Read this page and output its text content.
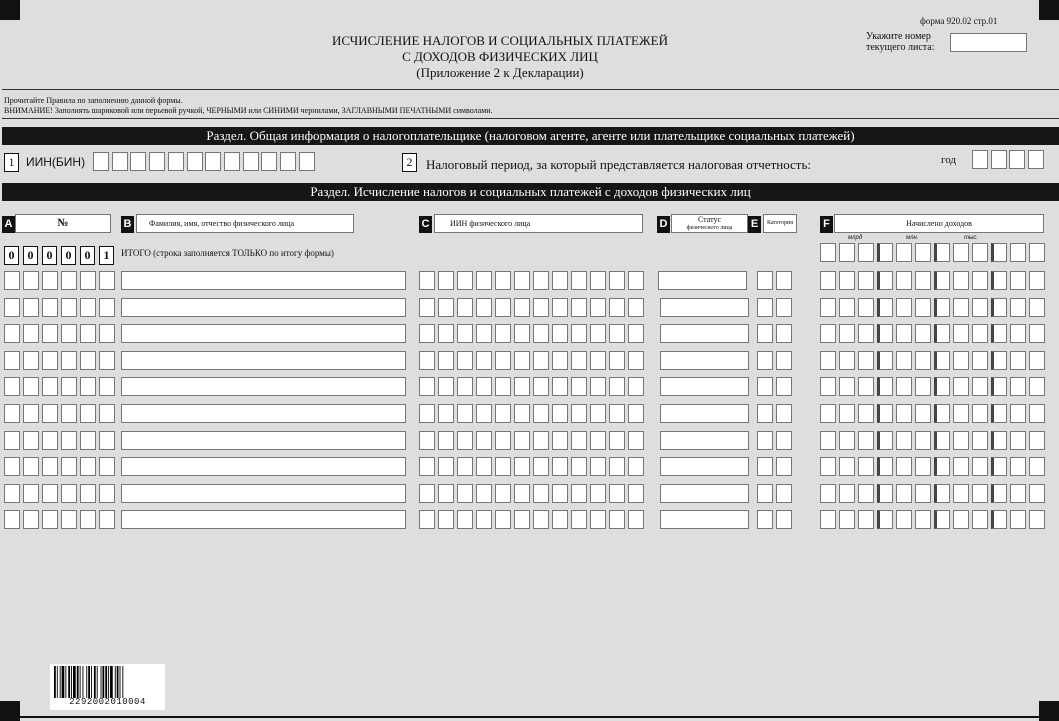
форма 920.02 стр.01
ИСЧИСЛЕНИЕ НАЛОГОВ И СОЦИАЛЬНЫХ ПЛАТЕЖЕЙ
С ДОХОДОВ ФИЗИЧЕСКИХ ЛИЦ
(Приложение 2 к Декларации)
Укажите номер
текущего листа:
Прочитайте Правила по заполнению данной формы.
ВНИМАНИЕ! Заполнять шариковой или перьевой ручкой, ЧЕРНЫМИ или СИНИМИ чернилами, ЗАГЛАВНЫМИ ПЕЧАТНЫМИ символами.
Раздел. Общая информация о налогоплательщике (налоговом агенте, агенте или плательщике социальных платежей)
1 ИИН(БИН)	2	Налоговый период, за который представляется налоговая отчетность:	год
Раздел. Исчисление налогов и социальных платежей с доходов физических лиц
A	№	B	Фамилия, имя, отчество физического лица	C	ИИН физического лица	D	Статус
физического лица	E	Категория	F	Начислено доходов
млрд	млн.	тыс.
0	0	0	0	0	1	ИТОГО (строка заполняется ТОЛЬКО по итогу формы)
2292002010004
